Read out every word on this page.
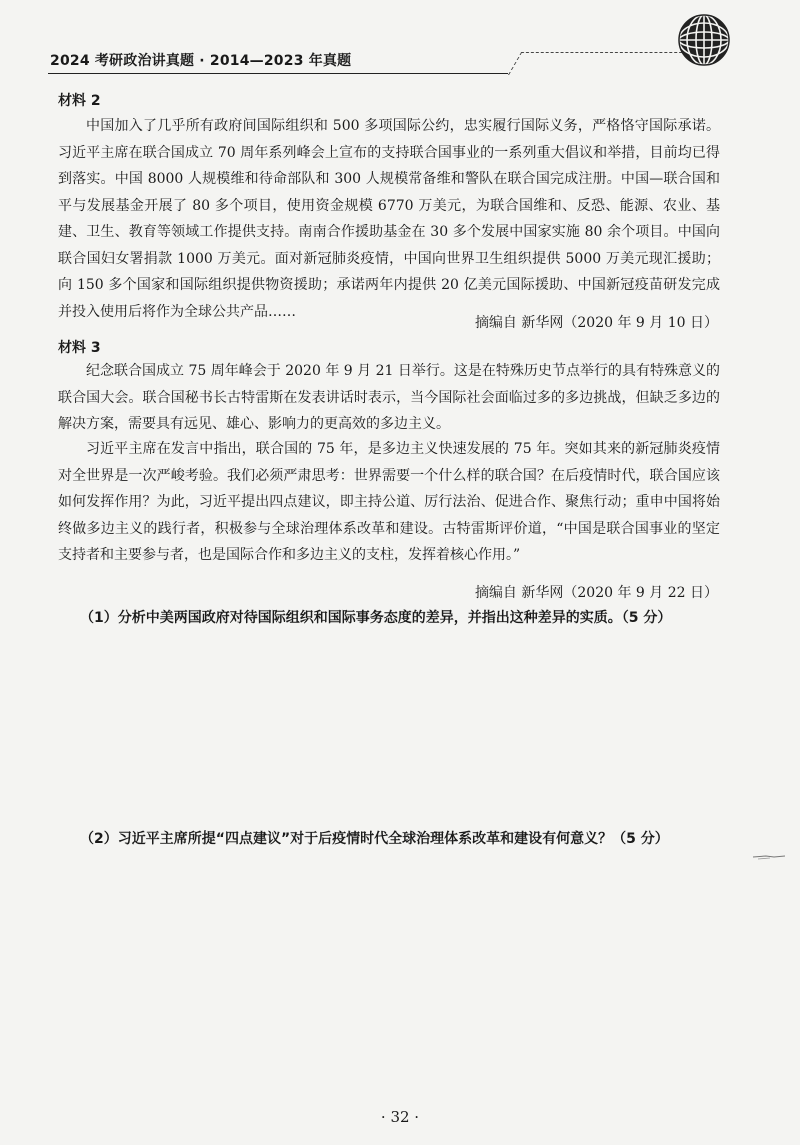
2024 考研政治讲真题 · 2014—2023 年真题
材料 2

中国加入了几乎所有政府间国际组织和 500 多项国际公约，忠实履行国际义务，严格恪守国际承诺。习近平主席在联合国成立 70 周年系列峰会上宣布的支持联合国事业的一系列重大倡议和举措，目前均已得到落实。中国 8000 人规模维和待命部队和 300 人规模常备维和警队在联合国完成注册。中国—联合国和平与发展基金开展了 80 多个项目，使用资金规模 6770 万美元，为联合国维和、反恐、能源、农业、基建、卫生、教育等领域工作提供支持。南南合作援助基金在 30 多个发展中国家实施 80 余个项目。中国向联合国妇女署捐款 1000 万美元。面对新冠肺炎疫情，中国向世界卫生组织提供 5000 万美元现汇援助；向 150 多个国家和国际组织提供物资援助；承诺两年内提供 20 亿美元国际援助、中国新冠疫苗研发完成并投入使用后将作为全球公共产品……

摘编自 新华网（2020 年 9 月 10 日）
材料 3

纪念联合国成立 75 周年峰会于 2020 年 9 月 21 日举行。这是在特殊历史节点举行的具有特殊意义的联合国大会。联合国秘书长古特雷斯在发表讲话时表示，当今国际社会面临过多的多边挑战，但缺乏多边的解决方案，需要具有远见、雄心、影响力的更高效的多边主义。

习近平主席在发言中指出，联合国的 75 年，是多边主义快速发展的 75 年。突如其来的新冠肺炎疫情对全世界是一次严峻考验。我们必须严肃思考：世界需要一个什么样的联合国？在后疫情时代，联合国应该如何发挥作用？为此，习近平提出四点建议，即主持公道、厉行法治、促进合作、聚焦行动；重申中国将始终做多边主义的践行者，积极参与全球治理体系改革和建设。古特雷斯评价道，“中国是联合国事业的坚定支持者和主要参与者，也是国际合作和多边主义的支柱，发挥着核心作用。”

摘编自 新华网（2020 年 9 月 22 日）
（1）分析中美两国政府对待国际组织和国际事务态度的差异，并指出这种差异的实质。（5 分）
（2）习近平主席所提“四点建议”对于后疫情时代全球治理体系改革和建设有何意义？（5 分）
· 32 ·
